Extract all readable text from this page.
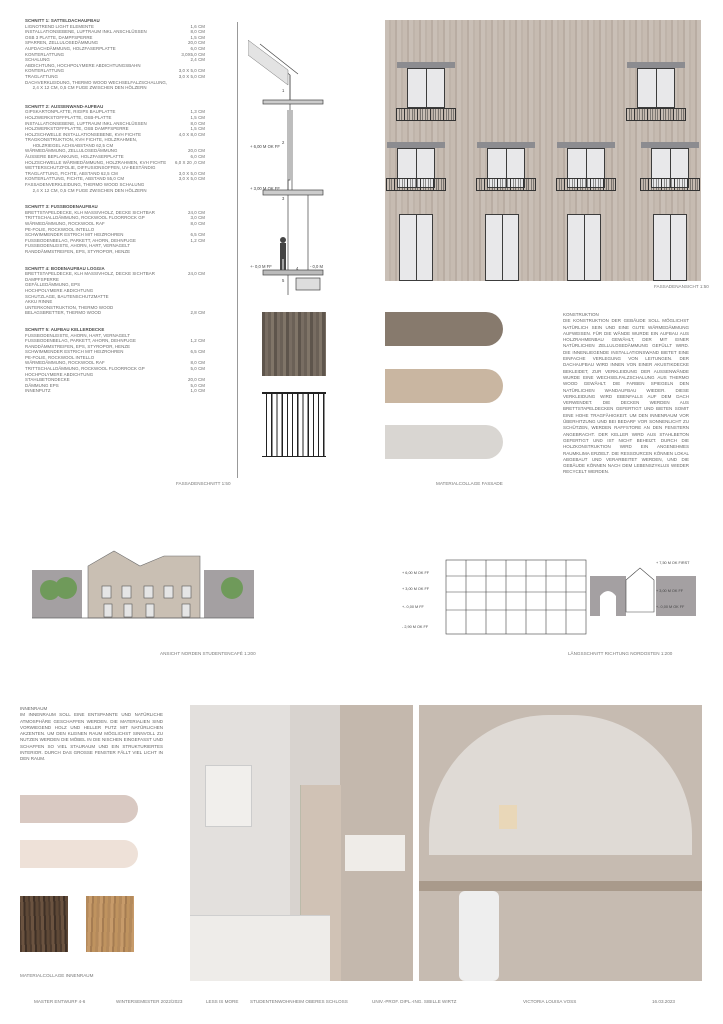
SCHNITT 1: SATTELDACHAUFBAU
LIGNOTREND LIGHT ELEMENTE	1,6 CM
INSTALLATIONSEBENE, LUFTRAUM INKL ANSCHLÜSSEN	8,0 CM
OSB 3 PLATTE, DAMPFSPERRE	1,5 CM
SPARREN, ZELLULOSEDÄMMUNG	20,0 CM
AUFDACHDÄMMUNG, HOLZFASERPLATTE	6,0 CM
KONTERLATTUNG	3,0X5,0 CM
SCHALUNG	2,4 CM
ABDICHTUNG, HOCHPOLYMERE ABDICHTUNGSBAHN
KONTERLATTUNG	3,0 X 5,0 CM
TRAGLATTUNG	3,0 X 5,0 CM
DACHVERKLEIDUNG, THERMO WOOD WECHSELFALZSCHALUNG,
2,4 X 12 CM, 0,5 CM FUGE ZWISCHEN DEN HÖLZERN
SCHNITT 2: AUSSENWAND-AUFBAU
GIPSKARTONPLATTE, RIGIPS BAUPLATTE	1,3 CM
HOLZWERKSTOFFPLATTE, OSB-PLATTE	1,5 CM
INSTALLATIONSEBENE, LUFTRAUM INKL ANSCHLÜSSEN	8,0 CM
HOLZWERKSTOFFPLATTE, OSB DAMPFSPERRE	1,5 CM
HOLZSCHWELLE INSTALLATIONSEBENE, KVH FICHTE	4,0 X 8,0 CM
TRAGKONSTRUKTION, KVH FICHTE, HOLZRAHMEN,
HOLZRIEGEL ACHSABSTAND 62,5 CM
WÄRMEDÄMMUNG, ZELLULOSEDÄMMUNG	20,0 CM
ÄUSSERE BEPLANKUNG, HOLZFASERPLATTE	6,0 CM
HOLZSCHWELLE WÄRMEDÄMMUNG, HOLZRAHMEN, KVH FICHTE 6,0 X 20 ,0 CM
WETTERSCHUTZFOLIE, DIFFUSIONSOFFEN, UV-BESTÄNDIG
TRAGLATTUNG, FICHTE, ABSTAND 62,5 CM	3,0 X 5,0 CM
KONTERLATTUNG, FICHTE, ABSTAND 55,0 CM	3,0 X 5,0 CM
FASSADENVERKLEIDUNG, THERMO WOOD SCHALUNG
2,4 X 12 CM, 0,5 CM FUGE ZWISCHEN DEN HÖLZERN
SCHNITT 3: FUSSBODENAUFBAU
BRETTSTAPELDECKE, KLH MASSIVHOLZ, DECKE SICHTBAR	24,0 CM
TRITTSCHALLDÄMMUNG, ROCKWOOL FLOORROCK GP	3,0 CM
WÄRMEDÄMMUNG, ROCKWOOL RAF	8,0 CM
PE-FOLIE, ROCKWOOL INTELLO
SCHWIMMENDER ESTRICH MIT HEIZROHREN	6,5 CM
FUSSBODENBELAG, PARKETT, AHORN, DEHNFUGE	1,2 CM
FUSSBODENLEISTE, AHORN, HART, VERNAGELT
RANDDÄMMSTREIFEN, EPS, STYROPOR, HENZE
SCHNITT 4: BODENAUFBAU LOGGIA
BRETTSTAPELDECKE, KLH MASSIVHOLZ, DECKE SICHTBAR	24,0 CM
DAMPFSPERRE
GEFÄLLEDÄMMUNG, EPS
HOCHPOLYMERE ABDICHTUNG
SCHUTZLAGE, BAUTENSCHUTZMATTE
AKKU RINNE
UNTERKONSTRUKTION, THERMO WOOD
BELAGSBRETTER, THERMO WOOD	2,8 CM
SCHNITT 5: AUFBAU KELLERDECKE
FUSSBODENLEISTE, AHORN, HART, VERNAGELT
FUSSBODENBELAG, PARKETT, AHORN, DEHNFUGE	1,2 CM
RANDDÄMMSTREIFEN, EPS, STYROPOR, HENZE
SCHWIMMENDER ESTRICH MIT HEIZROHREN	6,5 CM
PE-FOLIE, ROCKWOOL INTELLO
WÄRMEDÄMMUNG, ROCKWOOL RAF	8,0 CM
TRITTSCHALLDÄMMUNG, ROCKWOOL FLOORROCK GP	5,0 CM
HOCHPOLYMERE ABDICHTUNG
STAHLBETONDECKE	20,0 CM
DÄMMUNG EPS	5,0 CM
INNENPUTZ	1,0 CM
1
2
3
4
5
+ 6,00 M OK FF
+ 3,00 M OK FF
+- 0,0 M FF	- 0,0 M
FASSADENSCHNITT 1:50	MATERIALCOLLAGE FASSADE
KONSTRUKTION
DIE KONSTRUKTION DER GEBÄUDE SOLL MÖGLICHST NATÜRLICH SEIN UND EINE GUTE WÄRMEDÄMMUNG AUFWEISEN. FÜR DIE WÄNDE WURDE EIN AUFBAU AUS HOLZRAHMENBAU GEWÄHLT, DER MIT EINER NATÜRLICHEN ZELLULOSEDÄMMUNG GEFÜLLT WIRD. DIE INNENLIEGENDE INSTALLATIONSWAND BIETET EINE EINFACHE VERLEGUNG VON LEITUNGEN. DER DACHAUFBAU WIRD INNEN VON EINER AKUSTIKDECKE BEKLEIDET, ZUR VERKLEIDUNG DER AUSSENWÄNDE WURDE EINE WECHSELFALZSCHALUNG AUS THERMO WOOD GEWÄHLT. DIE FARBEN SPIEGELN DEN NATÜRLICHEN WANDAUFBAU WIEDER. DIESE VERKLEIDUNG WIRD EBENFALLS AUF DEM DACH VERWENDET. DIE DECKEN WERDEN AUS BRETTSTAPELDECKEN GEFERTIGT UND BIETEN SOMIT EINE HOHE TRAGFÄHIGKEIT. UM DEN INNENRAUM VOR ÜBERHITZUNG UND BEI BEDARF VOR SONNENLICHT ZU SCHÜTZEN, WERDEN RAFFSTORE AN DEN FENSTERN ANGEBRACHT. DER KELLER WIRD AUS STAHLBETON GEFERTIGT UND IST NICHT BEHEIZT. DURCH DIE HOLZKONSTRUKTION WIRD EIN ANGENEHMES RAUMKLIMA ERZIELT. DIE RESSOURCEN KÖNNEN LOKAL ABGEBAUT UND VERARBEITET WERDEN, UND DIE GEBÄUDE KÖNNEN NACH DEM LEBENSZYKLUS WIEDER RECYCELT WERDEN.
FASSADENANSICHT 1:50
ANSICHT NORDEN STUDENTENCAFÉ 1:200
+ 6,00 M OK FF
+ 3,00 M OK FF
+- 0,00 M FF
- 2,90 M OK FF
+ 7,50 M OK FIRST
+ 3,00 M OK FF
+- 0,00 M OK FF
LÄNGSSCHNITT RICHTUNG NORDOSTEN 1:200
INNENRAUM
IM INNENRAUM SOLL EINE ENTSPANNTE UND NATÜRLICHE ATMOSPHÄRE GESCHAFFEN WERDEN. DIE MATERIALIEN SIND VORWIEGEND HOLZ UND HELLER PUTZ MIT NATÜRLICHEN AKZENTEN. UM DEN KLEINEN RAUM MÖGLICHST SINNVOLL ZU NUTZEN WERDEN DIE MÖBEL IN DIE NISCHEN EINGEFASST UND SCHAFFEN SO VIEL STAURAUM UND EIN STRUKTURIERTES INTERIOR. DURCH DAS GROSSE FENSTER FÄLLT VIEL LICHT IN DEN RAUM.
MATERIALCOLLAGE INNENRAUM
MASTER ENTWURF 4-6	WINTERSEMESTER 2022/2023	LESS IS MORE	STUDENTENWOHNHEIM OBERES SCHLOSS	UNIV.-PROF. DIPL.-ING. SIBILLE WIRTZ	VICTORIA LOUISA VOSS	16.03.2023
